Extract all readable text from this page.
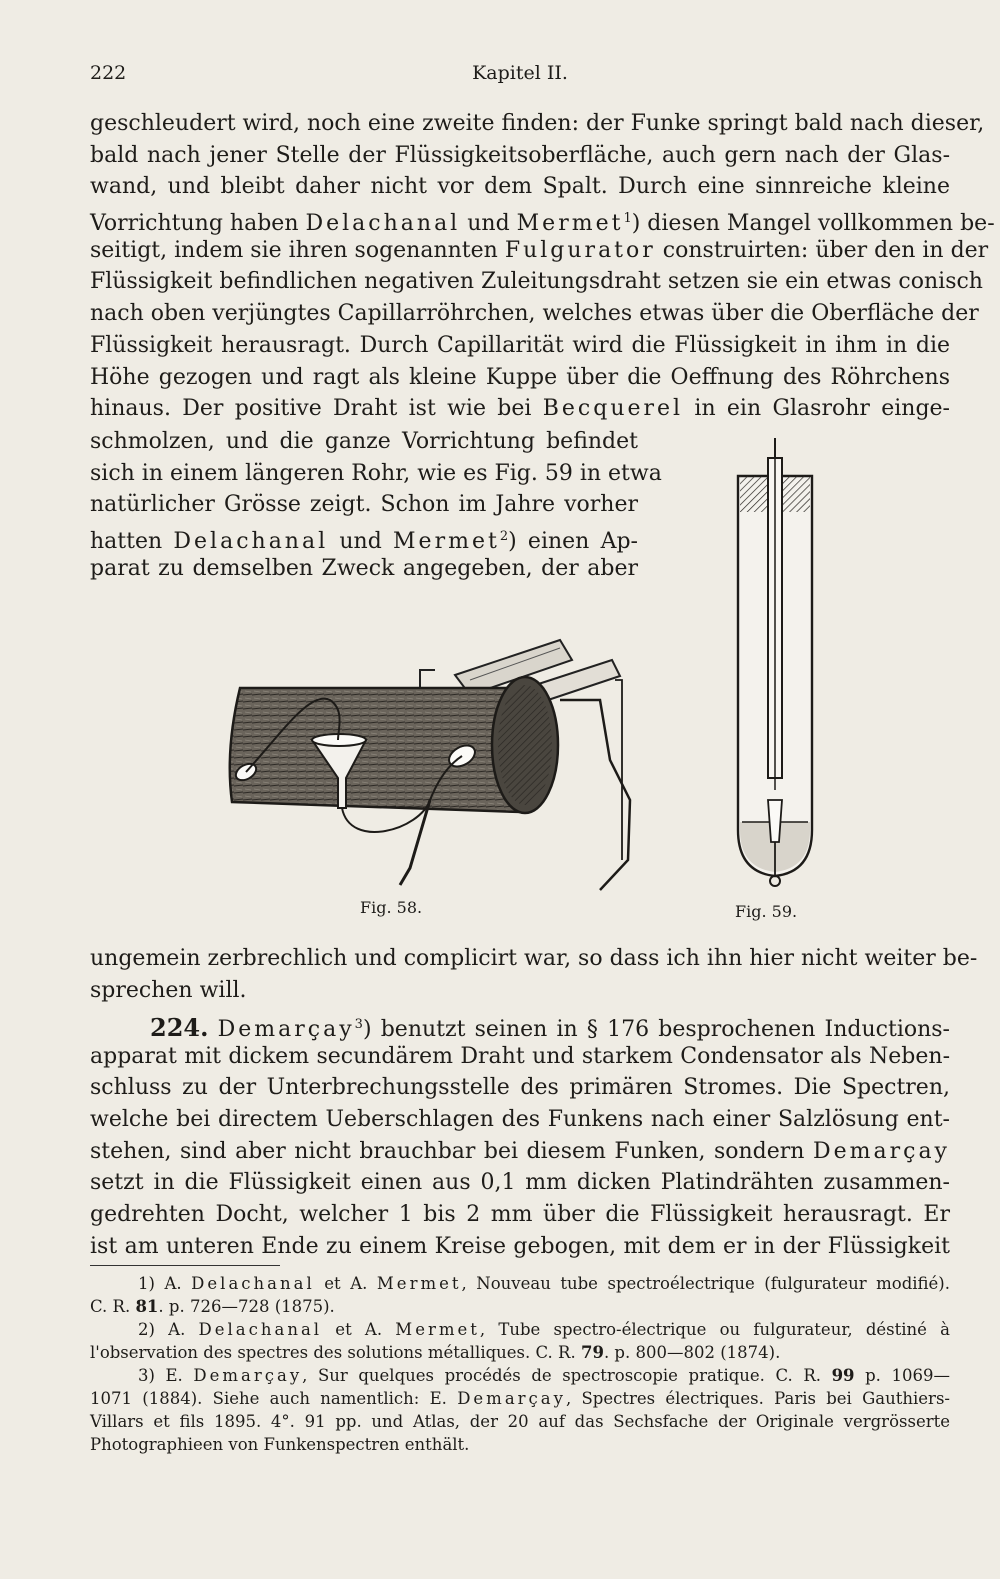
222	Kapitel II.
geschleudert wird, noch eine zweite finden: der Funke springt bald nach dieser,
bald nach jener Stelle der Flüssigkeitsoberfläche, auch gern nach der Glas-
wand, und bleibt daher nicht vor dem Spalt. Durch eine sinnreiche kleine
Vorrichtung haben Delachanal und Mermet$^1$) diesen Mangel vollkommen be-
seitigt, indem sie ihren sogenannten Fulgurator construirten: über den in der
Flüssigkeit befindlichen negativen Zuleitungsdraht setzen sie ein etwas conisch
nach oben verjüngtes Capillarröhrchen, welches etwas über die Oberfläche der
Flüssigkeit herausragt. Durch Capillarität wird die Flüssigkeit in ihm in die
Höhe gezogen und ragt als kleine Kuppe über die Oeffnung des Röhrchens
hinaus. Der positive Draht ist wie bei Becquerel in ein Glasrohr einge-
schmolzen, und die ganze Vorrichtung befindet
sich in einem längeren Rohr, wie es Fig. 59 in etwa
natürlicher Grösse zeigt. Schon im Jahre vorher
hatten Delachanal und Mermet$^2$) einen Ap-
parat zu demselben Zweck angegeben, der aber
Fig. 58.	Fig. 59.
ungemein zerbrechlich und complicirt war, so dass ich ihn hier nicht weiter be-
sprechen will.
224. Demarçay$^3$) benutzt seinen in § 176 besprochenen Inductions-
apparat mit dickem secundärem Draht und starkem Condensator als Neben-
schluss zu der Unterbrechungsstelle des primären Stromes. Die Spectren,
welche bei directem Ueberschlagen des Funkens nach einer Salzlösung ent-
stehen, sind aber nicht brauchbar bei diesem Funken, sondern Demarçay
setzt in die Flüssigkeit einen aus 0,1 mm dicken Platindrähten zusammen-
gedrehten Docht, welcher 1 bis 2 mm über die Flüssigkeit herausragt. Er
ist am unteren Ende zu einem Kreise gebogen, mit dem er in der Flüssigkeit
1) A. Delachanal et A. Mermet, Nouveau tube spectroélectrique (fulgurateur modifié).
C. R. 81. p. 726—728 (1875).
2) A. Delachanal et A. Mermet, Tube spectro-électrique ou fulgurateur, déstiné à
l'observation des spectres des solutions métalliques. C. R. 79. p. 800—802 (1874).
3) E. Demarçay, Sur quelques procédés de spectroscopie pratique. C. R. 99 p. 1069—
1071 (1884). Siehe auch namentlich: E. Demarçay, Spectres électriques. Paris bei Gauthiers-
Villars et fils 1895. 4°. 91 pp. und Atlas, der 20 auf das Sechsfache der Originale vergrösserte
Photographieen von Funkenspectren enthält.
